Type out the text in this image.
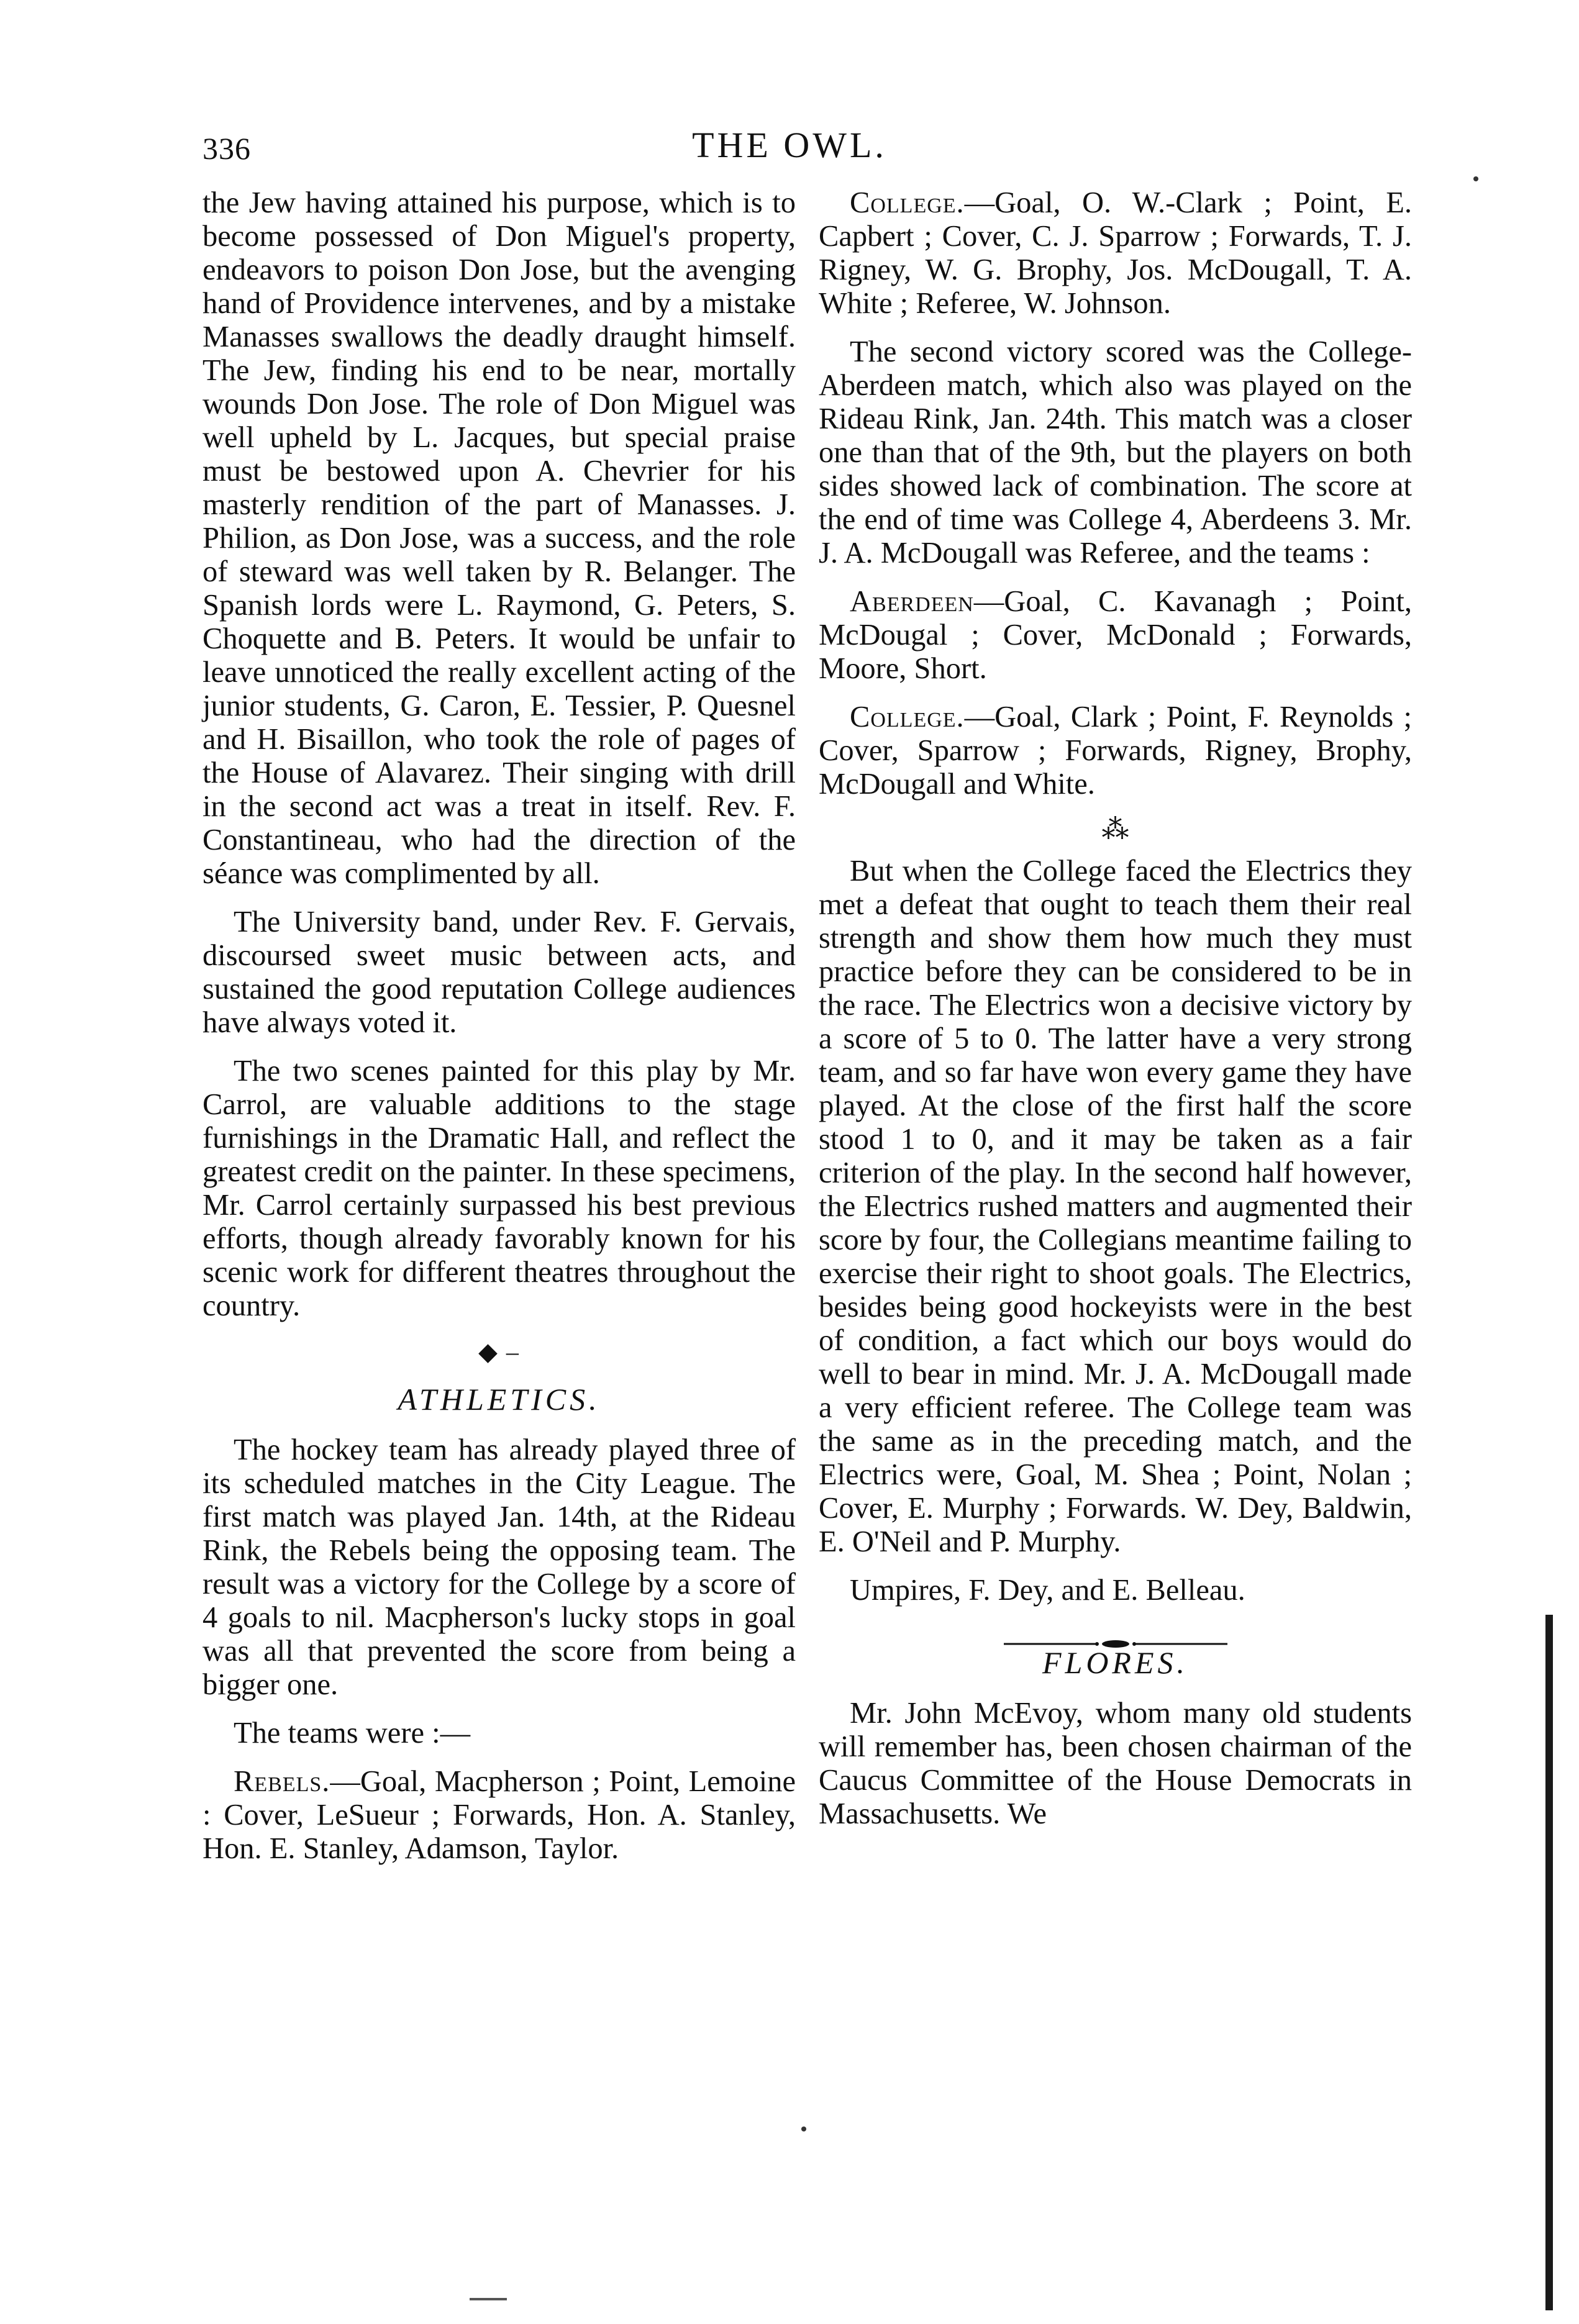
336	THE OWL.

the Jew having attained his purpose, which is to become possessed of Don Miguel's property, endeavors to poison Don Jose, but the avenging hand of Providence intervenes, and by a mistake Manasses swallows the deadly draught himself. The Jew, finding his end to be near, mortally wounds Don Jose. The role of Don Miguel was well upheld by L. Jacques, but special praise must be bestowed upon A. Chevrier for his masterly rendition of the part of Manasses. J. Philion, as Don Jose, was a success, and the role of steward was well taken by R. Belanger. The Spanish lords were L. Raymond, G. Peters, S. Choquette and B. Peters. It would be unfair to leave unnoticed the really excellent acting of the junior students, G. Caron, E. Tessier, P. Quesnel and H. Bisaillon, who took the role of pages of the House of Alavarez. Their singing with drill in the second act was a treat in itself. Rev. F. Constantineau, who had the direction of the séance was complimented by all.

The University band, under Rev. F. Gervais, discoursed sweet music between acts, and sustained the good reputation College audiences have always voted it.

The two scenes painted for this play by Mr. Carrol, are valuable additions to the stage furnishings in the Dramatic Hall, and reflect the greatest credit on the painter. In these specimens, Mr. Carrol certainly surpassed his best previous efforts, though already favorably known for his scenic work for different theatres throughout the country.

◆ –
ATHLETICS.

The hockey team has already played three of its scheduled matches in the City League. The first match was played Jan. 14th, at the Rideau Rink, the Rebels being the opposing team. The result was a victory for the College by a score of 4 goals to nil. Macpherson's lucky stops in goal was all that prevented the score from being a bigger one.

The teams were :—

Rebels.—Goal, Macpherson ; Point, Lemoine : Cover, LeSueur ; Forwards, Hon. A. Stanley, Hon. E. Stanley, Adamson, Taylor.

College.—Goal, O. W.-Clark ; Point, E. Capbert ; Cover, C. J. Sparrow ; Forwards, T. J. Rigney, W. G. Brophy, Jos. McDougall, T. A. White ; Referee, W. Johnson.

The second victory scored was the College-Aberdeen match, which also was played on the Rideau Rink, Jan. 24th. This match was a closer one than that of the 9th, but the players on both sides showed lack of combination. The score at the end of time was College 4, Aberdeens 3. Mr. J. A. McDougall was Referee, and the teams :

Aberdeen—Goal, C. Kavanagh ; Point, McDougal ; Cover, McDonald ; Forwards, Moore, Short.

College.—Goal, Clark ; Point, F. Reynolds ; Cover, Sparrow ; Forwards, Rigney, Brophy, McDougall and White.

⁂

But when the College faced the Electrics they met a defeat that ought to teach them their real strength and show them how much they must practice before they can be considered to be in the race. The Electrics won a decisive victory by a score of 5 to 0. The latter have a very strong team, and so far have won every game they have played. At the close of the first half the score stood 1 to 0, and it may be taken as a fair criterion of the play. In the second half however, the Electrics rushed matters and augmented their score by four, the Collegians meantime failing to exercise their right to shoot goals. The Electrics, besides being good hockeyists were in the best of condition, a fact which our boys would do well to bear in mind. Mr. J. A. McDougall made a very efficient referee. The College team was the same as in the preceding match, and the Electrics were, Goal, M. Shea ; Point, Nolan ; Cover, E. Murphy ; Forwards. W. Dey, Baldwin, E. O'Neil and P. Murphy.

Umpires, F. Dey, and E. Belleau.

FLORES.

Mr. John McEvoy, whom many old students will remember has, been chosen chairman of the Caucus Committee of the House Democrats in Massachusetts. We
